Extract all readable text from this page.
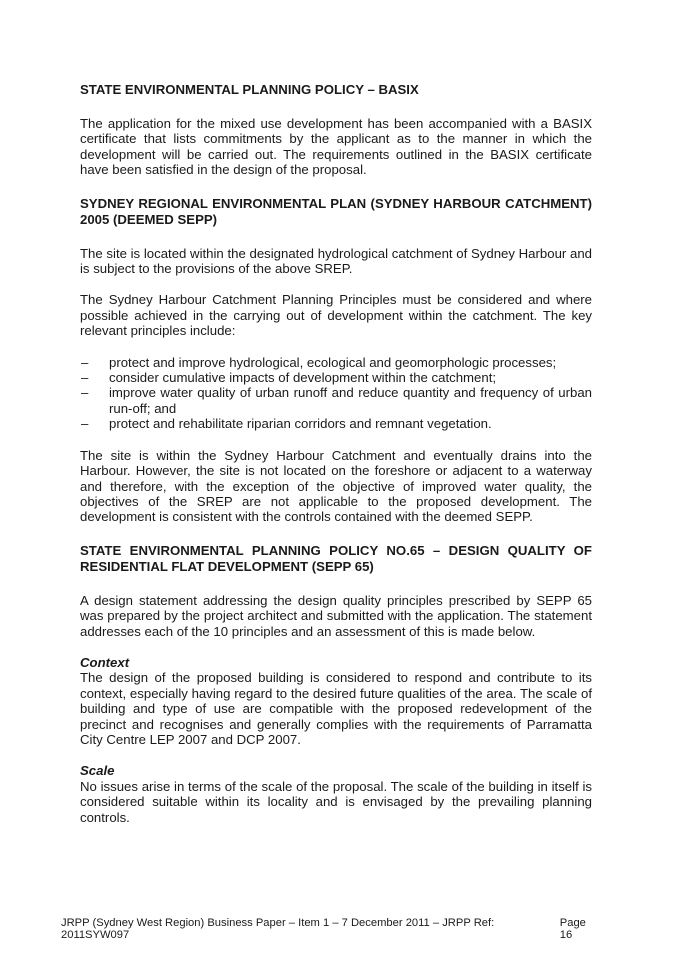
STATE ENVIRONMENTAL PLANNING POLICY – BASIX

The application for the mixed use development has been accompanied with a BASIX certificate that lists commitments by the applicant as to the manner in which the development will be carried out. The requirements outlined in the BASIX certificate have been satisfied in the design of the proposal.

SYDNEY REGIONAL ENVIRONMENTAL PLAN (SYDNEY HARBOUR CATCHMENT) 2005 (DEEMED SEPP)

The site is located within the designated hydrological catchment of Sydney Harbour and is subject to the provisions of the above SREP.

The Sydney Harbour Catchment Planning Principles must be considered and where possible achieved in the carrying out of development within the catchment. The key relevant principles include:

– protect and improve hydrological, ecological and geomorphologic processes;
– consider cumulative impacts of development within the catchment;
– improve water quality of urban runoff and reduce quantity and frequency of urban run-off; and
– protect and rehabilitate riparian corridors and remnant vegetation.

The site is within the Sydney Harbour Catchment and eventually drains into the Harbour. However, the site is not located on the foreshore or adjacent to a waterway and therefore, with the exception of the objective of improved water quality, the objectives of the SREP are not applicable to the proposed development. The development is consistent with the controls contained with the deemed SEPP.

STATE ENVIRONMENTAL PLANNING POLICY NO.65 – DESIGN QUALITY OF RESIDENTIAL FLAT DEVELOPMENT (SEPP 65)

A design statement addressing the design quality principles prescribed by SEPP 65 was prepared by the project architect and submitted with the application. The statement addresses each of the 10 principles and an assessment of this is made below.

Context

The design of the proposed building is considered to respond and contribute to its context, especially having regard to the desired future qualities of the area. The scale of building and type of use are compatible with the proposed redevelopment of the precinct and recognises and generally complies with the requirements of Parramatta City Centre LEP 2007 and DCP 2007.

Scale

No issues arise in terms of the scale of the proposal. The scale of the building in itself is considered suitable within its locality and is envisaged by the prevailing planning controls.

JRPP (Sydney West Region) Business Paper – Item 1 – 7 December 2011 – JRPP Ref: 2011SYW097
Page 16
